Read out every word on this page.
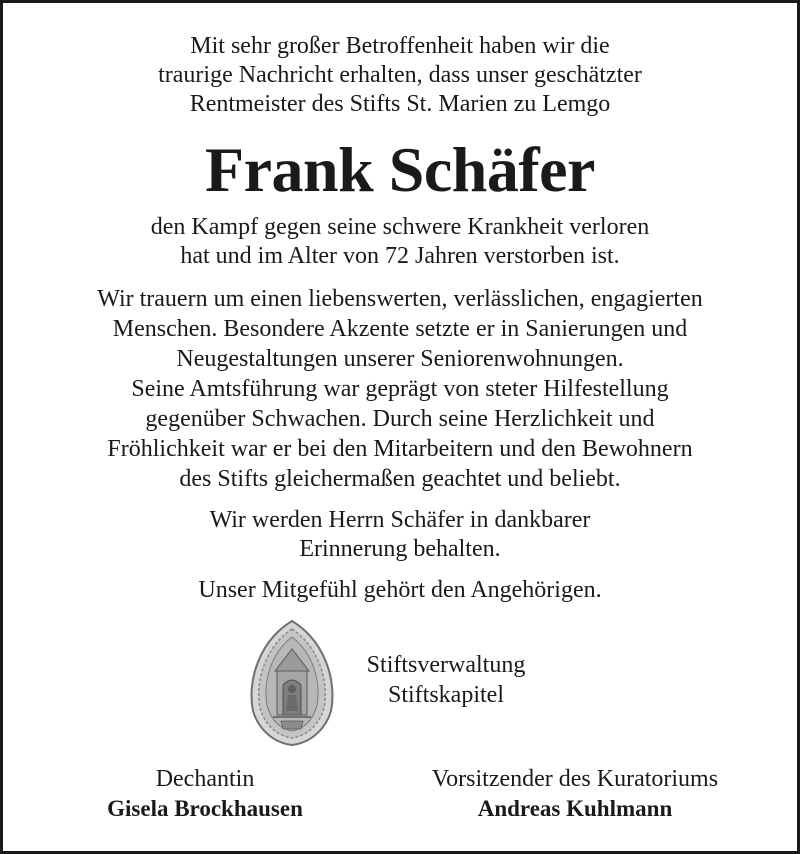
Mit sehr großer Betroffenheit haben wir die
traurige Nachricht erhalten, dass unser geschätzter
Rentmeister des Stifts St. Marien zu Lemgo
Frank Schäfer
den Kampf gegen seine schwere Krankheit verloren
hat und im Alter von 72 Jahren verstorben ist.
Wir trauern um einen liebenswerten, verlässlichen, engagierten
Menschen. Besondere Akzente setzte er in Sanierungen und
Neugestaltungen unserer Seniorenwohnungen.
Seine Amtsführung war geprägt von steter Hilfestellung
gegenüber Schwachen. Durch seine Herzlichkeit und
Fröhlichkeit war er bei den Mitarbeitern und den Bewohnern
des Stifts gleichermaßen geachtet und beliebt.
Wir werden Herrn Schäfer in dankbarer
Erinnerung behalten.
Unser Mitgefühl gehört den Angehörigen.
Stiftsverwaltung
Stiftskapitel
Dechantin
Gisela Brockhausen
Vorsitzender des Kuratoriums
Andreas Kuhlmann
